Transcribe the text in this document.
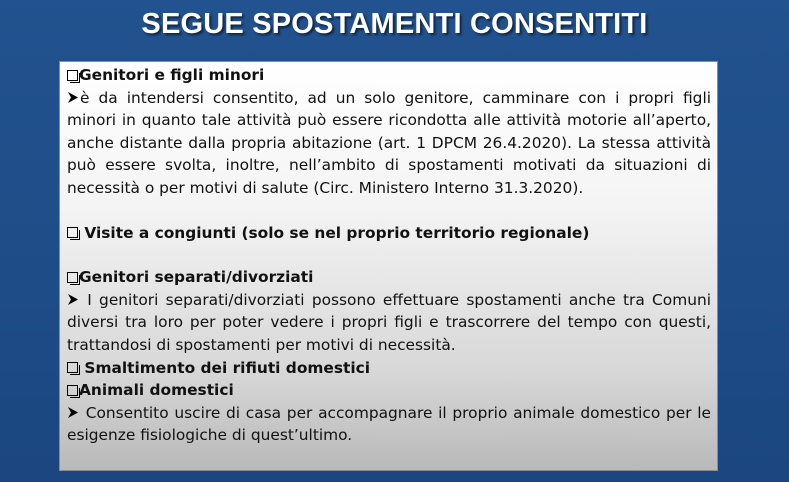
SEGUE SPOSTAMENTI CONSENTITI
Genitori e figli minori
è da intendersi consentito, ad un solo genitore, camminare con i propri figli minori in quanto tale attività può essere ricondotta alle attività motorie all’aperto, anche distante dalla propria abitazione (art. 1 DPCM 26.4.2020). La stessa attività può essere svolta, inoltre, nell’ambito di spostamenti motivati da situazioni di necessità o per motivi di salute (Circ. Ministero Interno 31.3.2020).
Visite a congiunti (solo se nel proprio territorio regionale)
Genitori separati/divorziati
I genitori separati/divorziati possono effettuare spostamenti anche tra Comuni diversi tra loro per poter vedere i propri figli e trascorrere del tempo con questi, trattandosi di spostamenti per motivi di necessità.
Smaltimento dei rifiuti domestici
Animali domestici
Consentito uscire di casa per accompagnare il proprio animale domestico per le esigenze fisiologiche di quest’ultimo.
